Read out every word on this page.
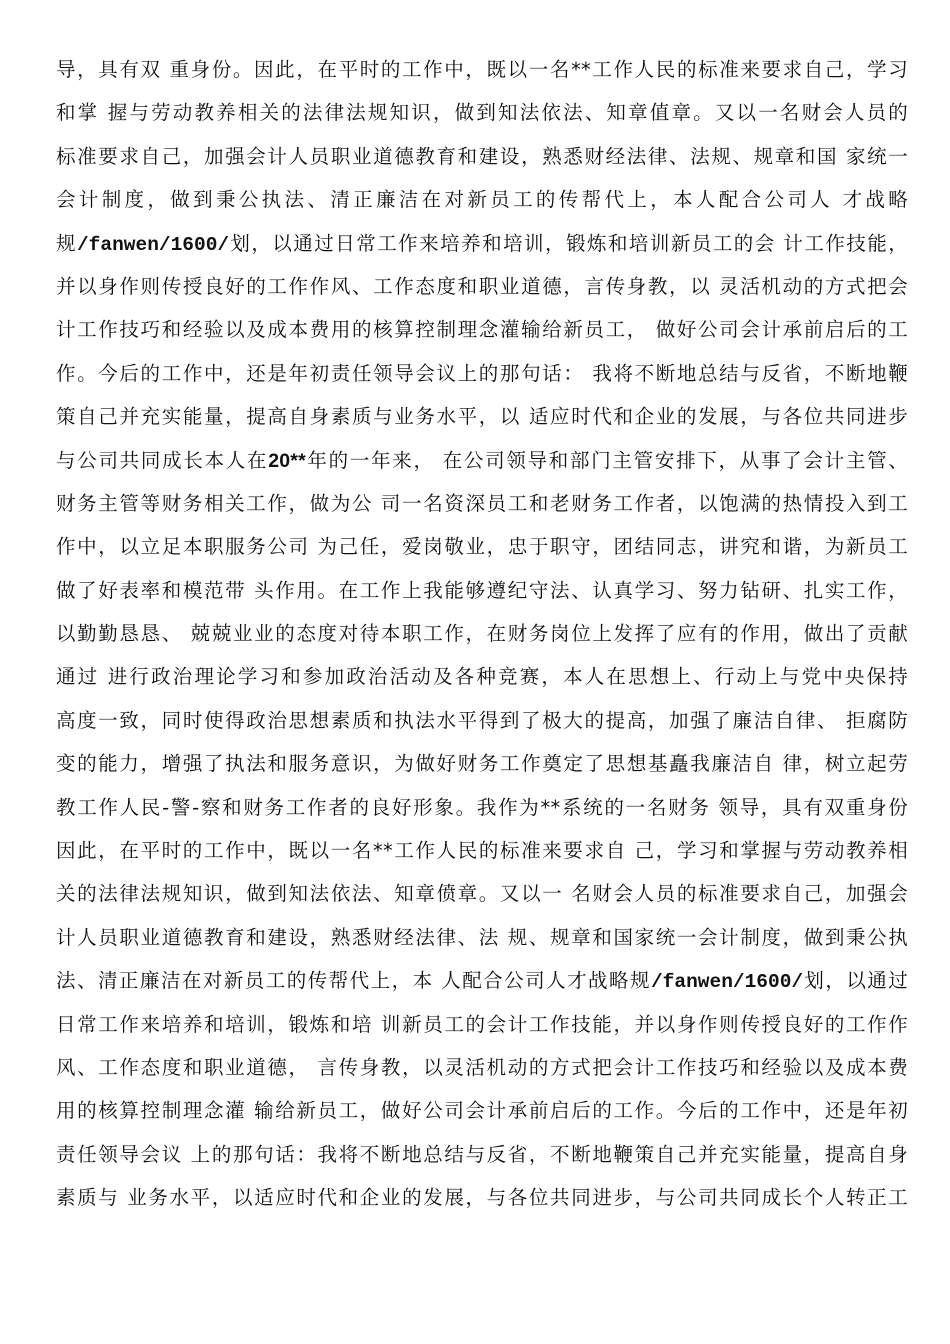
导，具有双 重身份。因此，在平时的工作中，既以一名**工作人民的标准来要求自己，学习
和掌 握与劳动教养相关的法律法规知识，做到知法依法、知章值章。又以一名财会人员的
标准要求自己，加强会计人员职业道德教育和建设，熟悉财经法律、法规、规章和国 家统一
会计制度，做到秉公执法、清正廉洁在对新员工的传帮代上，本人配合公司人 才战略
规/fanwen/1600/划，以通过日常工作来培养和培训，锻炼和培训新员工的会 计工作技能，
并以身作则传授良好的工作作风、工作态度和职业道德，言传身教，以 灵活机动的方式把会
计工作技巧和经验以及成本费用的核算控制理念灌输给新员工， 做好公司会计承前启后的工
作。今后的工作中，还是年初责任领导会议上的那句话： 我将不断地总结与反省，不断地鞭
策自己并充实能量，提高自身素质与业务水平，以 适应时代和企业的发展，与各位共同进步
与公司共同成长本人在20**年的一年来， 在公司领导和部门主管安排下，从事了会计主管、
财务主管等财务相关工作，做为公 司一名资深员工和老财务工作者，以饱满的热情投入到工
作中，以立足本职服务公司 为己任，爱岗敬业，忠于职守，团结同志，讲究和谐，为新员工
做了好表率和模范带 头作用。在工作上我能够遵纪守法、认真学习、努力钻研、扎实工作，
以勤勤恳恳、 兢兢业业的态度对待本职工作，在财务岗位上发挥了应有的作用，做出了贡献
通过 进行政治理论学习和参加政治活动及各种竞赛，本人在思想上、行动上与党中央保持
高度一致，同时使得政治思想素质和执法水平得到了极大的提高，加强了廉洁自律、 拒腐防
变的能力，增强了执法和服务意识，为做好财务工作奠定了思想基矗我廉洁自 律，树立起劳
教工作人民-警-察和财务工作者的良好形象。我作为**系统的一名财务 领导，具有双重身份
因此，在平时的工作中，既以一名**工作人民的标准来要求自 己，学习和掌握与劳动教养相
关的法律法规知识，做到知法依法、知章偾章。又以一 名财会人员的标准要求自己，加强会
计人员职业道德教育和建设，熟悉财经法律、法 规、规章和国家统一会计制度，做到秉公执
法、清正廉洁在对新员工的传帮代上，本 人配合公司人才战略规/fanwen/1600/划，以通过
日常工作来培养和培训，锻炼和培 训新员工的会计工作技能，并以身作则传授良好的工作作
风、工作态度和职业道德， 言传身教，以灵活机动的方式把会计工作技巧和经验以及成本费
用的核算控制理念灌 输给新员工，做好公司会计承前启后的工作。今后的工作中，还是年初
责任领导会议 上的那句话：我将不断地总结与反省，不断地鞭策自己并充实能量，提高自身
素质与 业务水平，以适应时代和企业的发展，与各位共同进步，与公司共同成长个人转正工
